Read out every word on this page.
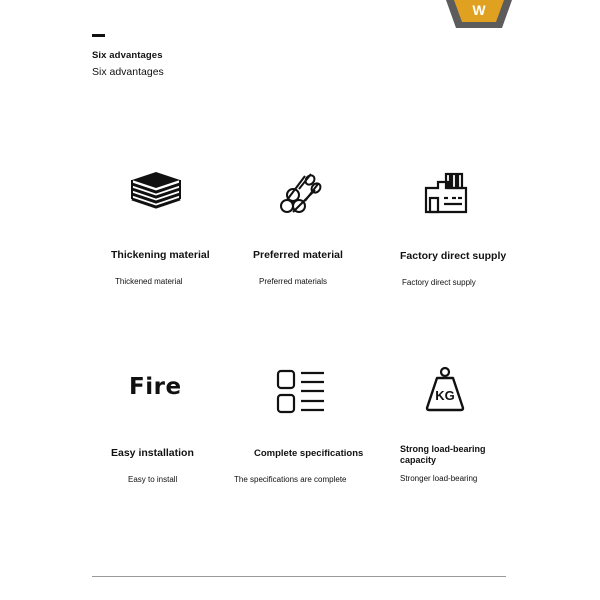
Six advantages
Six advantages
W
Thickening material
Thickened material
Preferred material
Preferred materials
Factory direct supply
Factory direct supply
Fire
Easy installation
Easy to install
Complete specifications
The specifications are complete
KG
Strong load-bearing capacity
Stronger load-bearing
